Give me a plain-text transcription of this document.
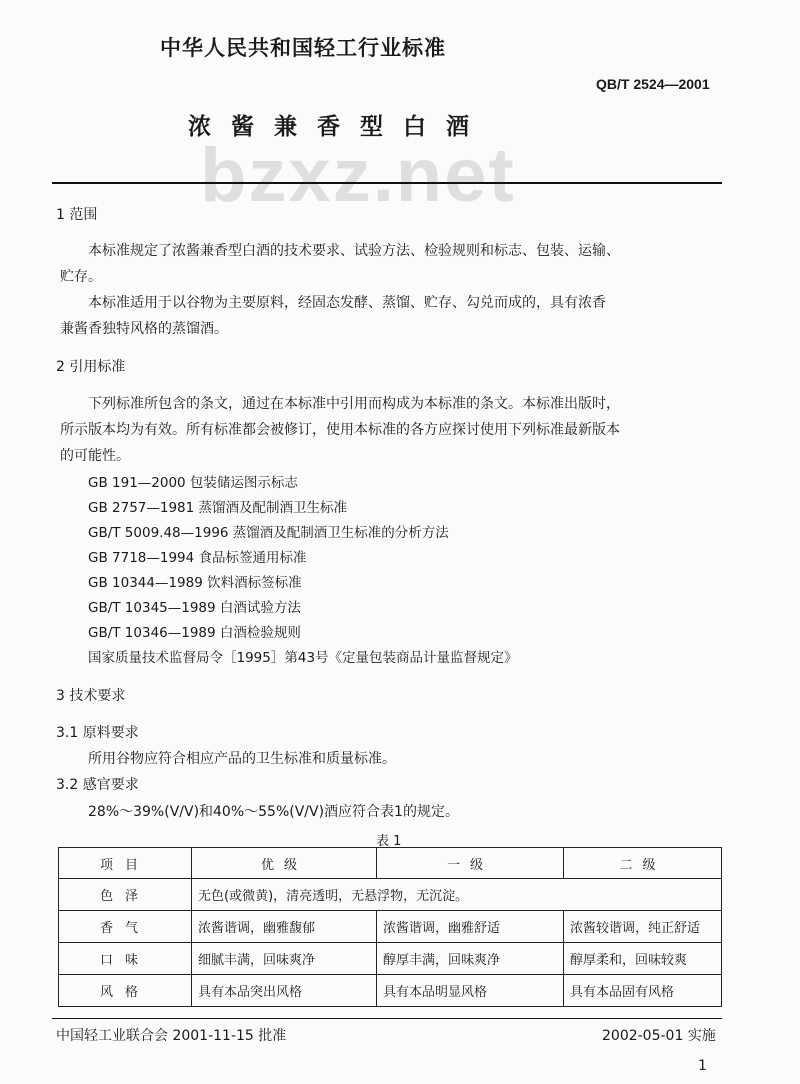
中华人民共和国轻工行业标准
QB/T 2524—2001
浓 酱 兼 香 型 白 酒
bzxz.net
1 范围
本标准规定了浓酱兼香型白酒的技术要求、试验方法、检验规则和标志、包装、运输、
贮存。
本标准适用于以谷物为主要原料，经固态发酵、蒸馏、贮存、勾兑而成的，具有浓香
兼酱香独特风格的蒸馏酒。
2 引用标准
下列标准所包含的条文，通过在本标准中引用而构成为本标准的条文。本标准出版时，
所示版本均为有效。所有标准都会被修订，使用本标准的各方应探讨使用下列标准最新版本
的可能性。
GB 191—2000 包装储运图示标志
GB 2757—1981 蒸馏酒及配制酒卫生标准
GB/T 5009.48—1996 蒸馏酒及配制酒卫生标准的分析方法
GB 7718—1994 食品标签通用标准
GB 10344—1989 饮料酒标签标准
GB/T 10345—1989 白酒试验方法
GB/T 10346—1989 白酒检验规则
国家质量技术监督局令［1995］第43号《定量包装商品计量监督规定》
3 技术要求
3.1 原料要求
所用谷物应符合相应产品的卫生标准和质量标准。
3.2 感官要求
28%～39%(V/V)和40%～55%(V/V)酒应符合表1的规定。
表 1
项目	优级	一级	二级
色泽	无色(或微黄)，清亮透明，无悬浮物，无沉淀。		
香气	浓酱谐调，幽雅馥郁	浓酱谐调，幽雅舒适	浓酱较谐调，纯正舒适
口味	细腻丰满，回味爽净	醇厚丰满，回味爽净	醇厚柔和，回味较爽
风格	具有本品突出风格	具有本品明显风格	具有本品固有风格
中国轻工业联合会 2001-11-15 批准	2002-05-01 实施
1
